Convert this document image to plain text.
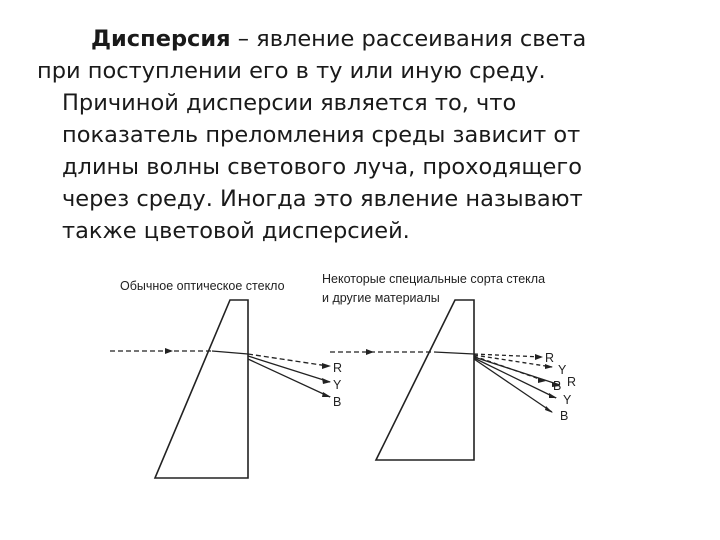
Дисперсия – явление рассеивания света
при поступлении его в ту или иную среду.
Причиной дисперсии является то, что
показатель преломления среды зависит от
длины волны светового луча, проходящего
через среду. Иногда это явление называют
также цветовой дисперсией.
Обычное оптическое стекло	Некоторые специальные сорта стекла
и другие материалы
R
Y
B
R
Y
B R
Y
B
